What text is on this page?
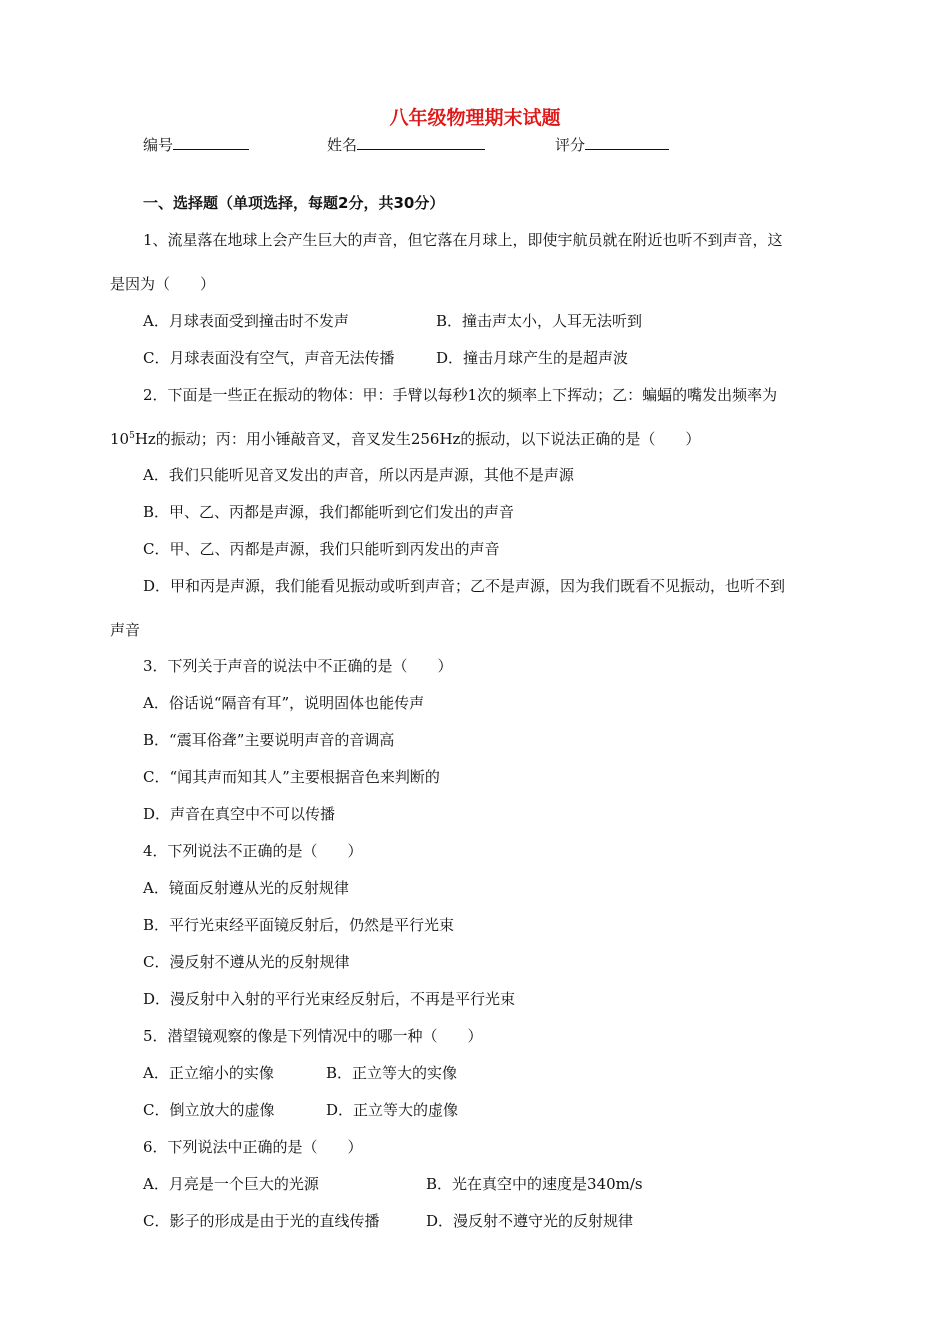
八年级物理期末试题
编号	姓名	评分
一、选择题（单项选择，每题2分，共30分）
1、流星落在地球上会产生巨大的声音，但它落在月球上，即使宇航员就在附近也听不到声音，这
是因为（　　）
A．月球表面受到撞击时不发声	B．撞击声太小，人耳无法听到
C．月球表面没有空气，声音无法传播	D．撞击月球产生的是超声波
2．下面是一些正在振动的物体：甲：手臂以每秒1次的频率上下挥动；乙：蝙蝠的嘴发出频率为
$10^5Hz$的振动；丙：用小锤敲音叉，音叉发生256Hz的振动，以下说法正确的是（　　）
A．我们只能听见音叉发出的声音，所以丙是声源，其他不是声源
B．甲、乙、丙都是声源，我们都能听到它们发出的声音
C．甲、乙、丙都是声源，我们只能听到丙发出的声音
D．甲和丙是声源，我们能看见振动或听到声音；乙不是声源，因为我们既看不见振动，也听不到
声音
3．下列关于声音的说法中不正确的是（　　）
A．俗话说“隔音有耳”，说明固体也能传声
B．“震耳俗聋”主要说明声音的音调高
C．“闻其声而知其人”主要根据音色来判断的
D．声音在真空中不可以传播
4．下列说法不正确的是（　　）
A．镜面反射遵从光的反射规律
B．平行光束经平面镜反射后，仍然是平行光束
C．漫反射不遵从光的反射规律
D．漫反射中入射的平行光束经反射后，不再是平行光束
5．潜望镜观察的像是下列情况中的哪一种（　　）
A．正立缩小的实像	B．正立等大的实像
C．倒立放大的虚像	D．正立等大的虚像
6．下列说法中正确的是（　　）
A．月亮是一个巨大的光源	B．光在真空中的速度是340m/s
C．影子的形成是由于光的直线传播	D．漫反射不遵守光的反射规律
